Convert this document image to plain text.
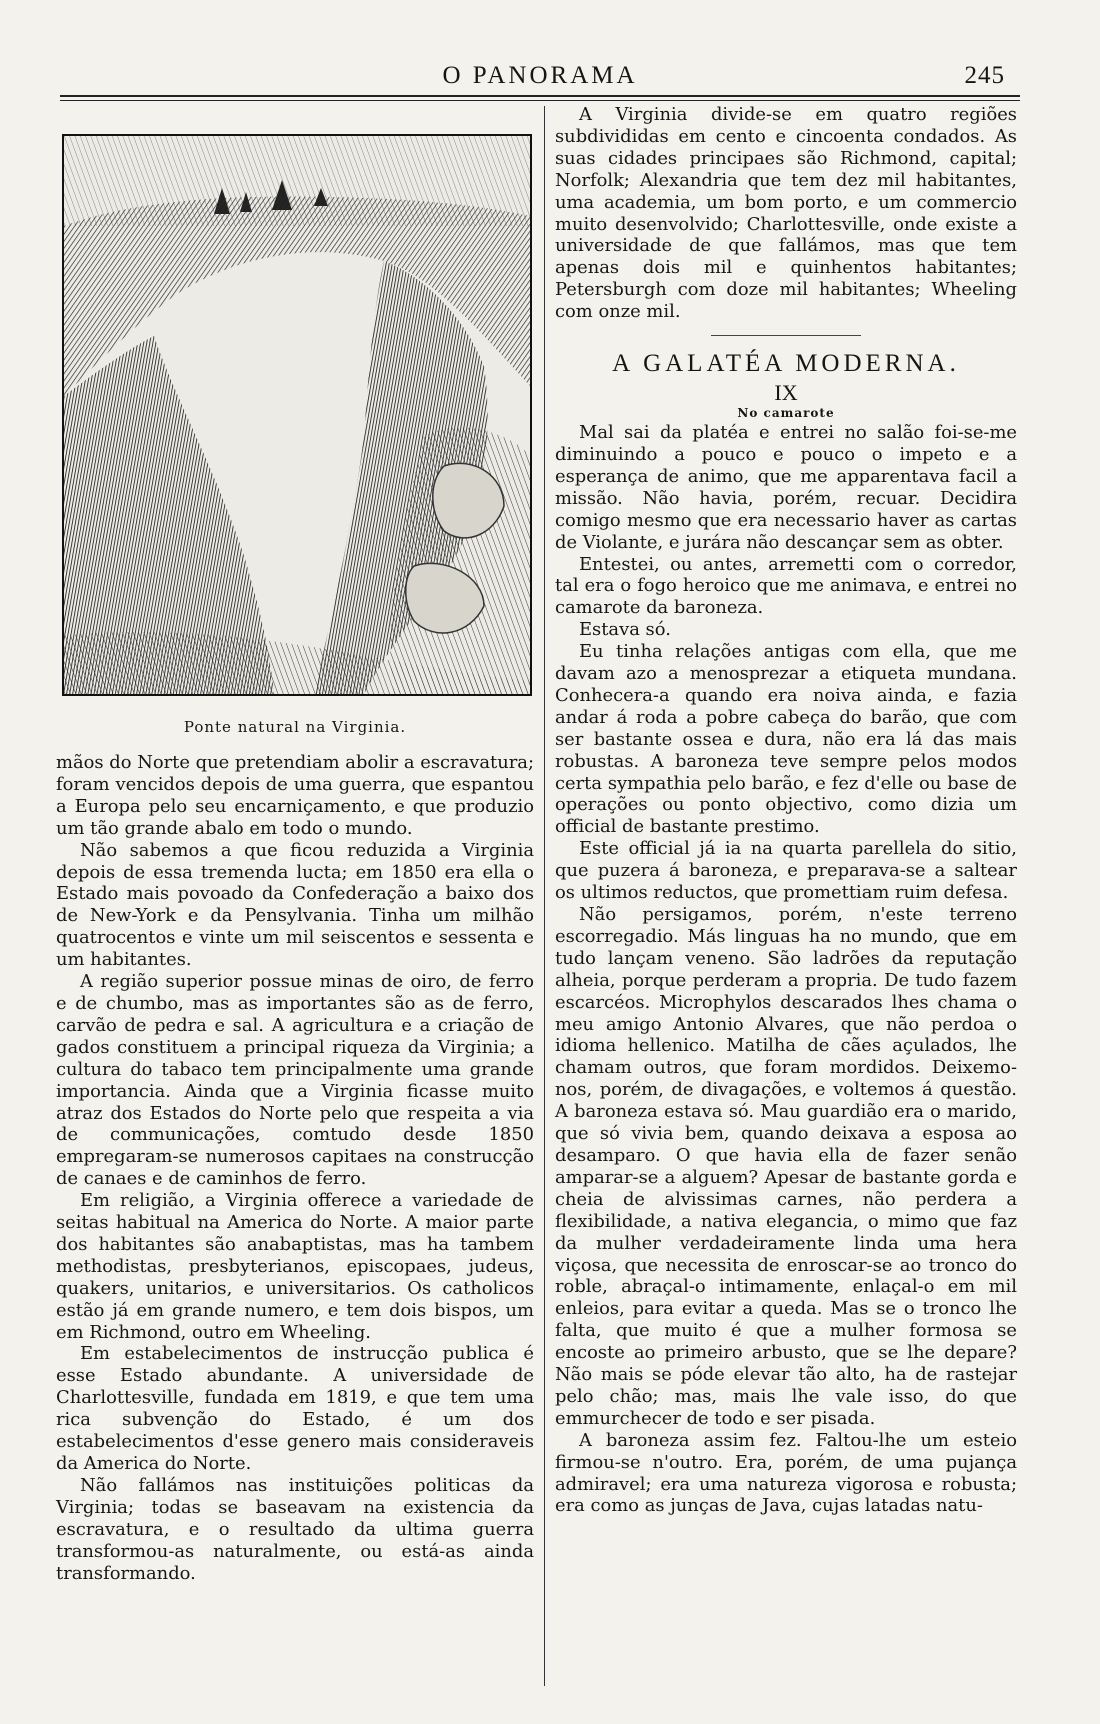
O PANORAMA	245

Ponte natural na Virginia.

mãos do Norte que pretendiam abolir a escravatura; foram vencidos depois de uma guerra, que espantou a Europa pelo seu encarniçamento, e que produzio um tão grande abalo em todo o mundo.

Não sabemos a que ficou reduzida a Virginia depois de essa tremenda lucta; em 1850 era ella o Estado mais povoado da Confederação a baixo dos de New-York e da Pensylvania. Tinha um milhão quatrocentos e vinte um mil seiscentos e sessenta e um habitantes.

A região superior possue minas de oiro, de ferro e de chumbo, mas as importantes são as de ferro, carvão de pedra e sal. A agricultura e a criação de gados constituem a principal riqueza da Virginia; a cultura do tabaco tem principalmente uma grande importancia. Ainda que a Virginia ficasse muito atraz dos Estados do Norte pelo que respeita a via de communicações, comtudo desde 1850 empregaram-se numerosos capitaes na construcção de canaes e de caminhos de ferro.

Em religião, a Virginia offerece a variedade de seitas habitual na America do Norte. A maior parte dos habitantes são anabaptistas, mas ha tambem methodistas, presbyterianos, episcopaes, judeus, quakers, unitarios, e universitarios. Os catholicos estão já em grande numero, e tem dois bispos, um em Richmond, outro em Wheeling.

Em estabelecimentos de instrucção publica é esse Estado abundante. A universidade de Charlottesville, fundada em 1819, e que tem uma rica subvenção do Estado, é um dos estabelecimentos d'esse genero mais consideraveis da America do Norte.

Não fallámos nas instituições politicas da Virginia; todas se baseavam na existencia da escravatura, e o resultado da ultima guerra transformou-as naturalmente, ou está-as ainda transformando.

A Virginia divide-se em quatro regiões subdivididas em cento e cincoenta condados. As suas cidades principaes são Richmond, capital; Norfolk; Alexandria que tem dez mil habitantes, uma academia, um bom porto, e um commercio muito desenvolvido; Charlottesville, onde existe a universidade de que fallámos, mas que tem apenas dois mil e quinhentos habitantes; Petersburgh com doze mil habitantes; Wheeling com onze mil.

A GALATÉA MODERNA.

IX

No camarote

Mal sai da platéa e entrei no salão foi-se-me diminuindo a pouco e pouco o impeto e a esperança de animo, que me apparentava facil a missão. Não havia, porém, recuar. Decidira comigo mesmo que era necessario haver as cartas de Violante, e jurára não descançar sem as obter.

Entestei, ou antes, arremetti com o corredor, tal era o fogo heroico que me animava, e entrei no camarote da baroneza.

Estava só.

Eu tinha relações antigas com ella, que me davam azo a menosprezar a etiqueta mundana. Conhecera-a quando era noiva ainda, e fazia andar á roda a pobre cabeça do barão, que com ser bastante ossea e dura, não era lá das mais robustas. A baroneza teve sempre pelos modos certa sympathia pelo barão, e fez d'elle ou base de operações ou ponto objectivo, como dizia um official de bastante prestimo.

Este official já ia na quarta parellela do sitio, que puzera á baroneza, e preparava-se a saltear os ultimos reductos, que promettiam ruim defesa.

Não persigamos, porém, n'este terreno escorregadio. Más linguas ha no mundo, que em tudo lançam veneno. São ladrões da reputação alheia, porque perderam a propria. De tudo fazem escarcéos. Microphylos descarados lhes chama o meu amigo Antonio Alvares, que não perdoa o idioma hellenico. Matilha de cães açulados, lhe chamam outros, que foram mordidos. Deixemo-nos, porém, de divagações, e voltemos á questão. A baroneza estava só. Mau guardião era o marido, que só vivia bem, quando deixava a esposa ao desamparo. O que havia ella de fazer senão amparar-se a alguem? Apesar de bastante gorda e cheia de alvissimas carnes, não perdera a flexibilidade, a nativa elegancia, o mimo que faz da mulher verdadeiramente linda uma hera viçosa, que necessita de enroscar-se ao tronco do roble, abraçal-o intimamente, enlaçal-o em mil enleios, para evitar a queda. Mas se o tronco lhe falta, que muito é que a mulher formosa se encoste ao primeiro arbusto, que se lhe depare? Não mais se póde elevar tão alto, ha de rastejar pelo chão; mas, mais lhe vale isso, do que emmurchecer de todo e ser pisada.

A baroneza assim fez. Faltou-lhe um esteio firmou-se n'outro. Era, porém, de uma pujança admiravel; era uma natureza vigorosa e robusta; era como as junças de Java, cujas latadas natu-
